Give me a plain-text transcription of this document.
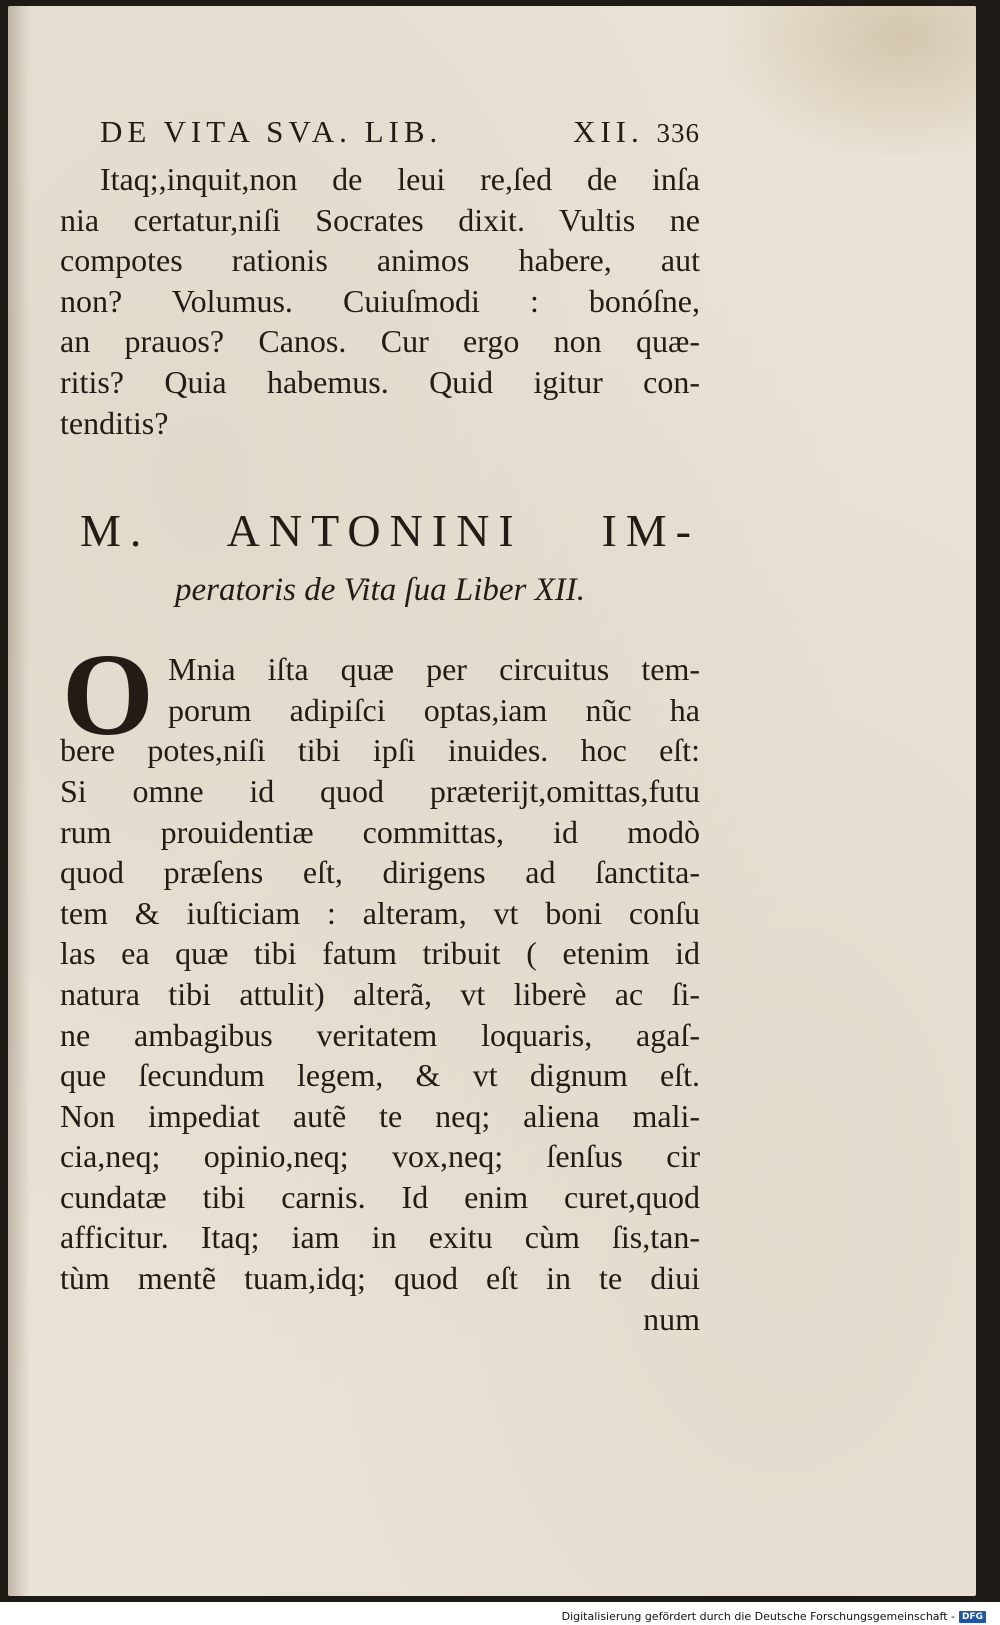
DE VITA SVA. LIB.	XII. 336
Itaq;,inquit,non de leui re,ſed de inſa
nia certatur,niſi Socrates dixit. Vultis ne
compotes rationis animos habere, aut
non? Volumus. Cuiuſmodi : bonóſne,
an prauos? Canos. Cur ergo non quæ-
ritis? Quia habemus. Quid igitur con-
tenditis?
M. ANTONINI IM-
peratoris de Vita ſua Liber XII.
O Mnia iſta quæ per circuitus tem-
porum adipiſci optas,iam nũc ha
bere potes,niſi tibi ipſi inuides. hoc eſt:
Si omne id quod præterijt,omittas,futu
rum prouidentiæ committas, id modò
quod præſens eſt, dirigens ad ſanctita-
tem & iuſticiam : alteram, vt boni conſu
las ea quæ tibi fatum tribuit ( etenim id
natura tibi attulit) alterã, vt liberè ac ſi-
ne ambagibus veritatem loquaris, agaſ-
que ſecundum legem, & vt dignum eſt.
Non impediat autẽ te neq; aliena mali-
cia,neq; opinio,neq; vox,neq; ſenſus cir
cundatæ tibi carnis. Id enim curet,quod
afficitur. Itaq; iam in exitu cùm ſis,tan-
tùm mentẽ tuam,idq; quod eſt in te diui
num
Digitalisierung gefördert durch die Deutsche Forschungsgemeinschaft - DFG
